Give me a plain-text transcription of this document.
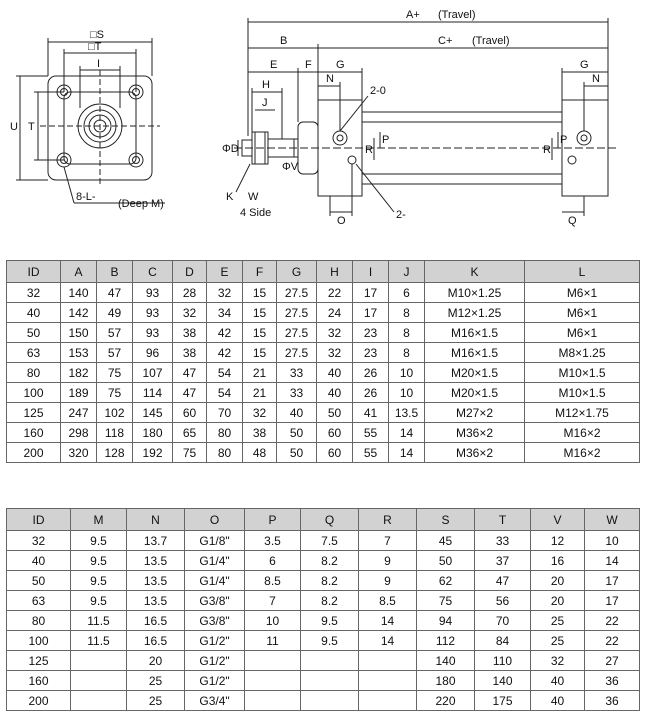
□S
□T
I
T
U
8-L-
(Deep M)
A+ (Travel)
C+ (Travel)
B
E	F G	G
H
J
N	N
2-0
ΦD
ΦV
R
P
R
P
K W
4 Side
O	2-	Q
ID	A	B	C	D	E	F	G	H	I	J	K	L
32	140	47	93	28	32	15	27.5	22	17	6	M10×1.25	M6×1
40	142	49	93	32	34	15	27.5	24	17	8	M12×1.25	M6×1
50	150	57	93	38	42	15	27.5	32	23	8	M16×1.5	M6×1
63	153	57	96	38	42	15	27.5	32	23	8	M16×1.5	M8×1.25
80	182	75	107	47	54	21	33	40	26	10	M20×1.5	M10×1.5
100	189	75	114	47	54	21	33	40	26	10	M20×1.5	M10×1.5
125	247	102	145	60	70	32	40	50	41	13.5	M27×2	M12×1.75
160	298	118	180	65	80	38	50	60	55	14	M36×2	M16×2
200	320	128	192	75	80	48	50	60	55	14	M36×2	M16×2
ID	M	N	O	P	Q	R	S	T	V	W
32	9.5	13.7	G1/8"	3.5	7.5	7	45	33	12	10
40	9.5	13.5	G1/4"	6	8.2	9	50	37	16	14
50	9.5	13.5	G1/4"	8.5	8.2	9	62	47	20	17
63	9.5	13.5	G3/8"	7	8.2	8.5	75	56	20	17
80	11.5	16.5	G3/8"	10	9.5	14	94	70	25	22
100	11.5	16.5	G1/2"	11	9.5	14	112	84	25	22
125		20	G1/2"				140	110	32	27
160		25	G1/2"				180	140	40	36
200		25	G3/4"				220	175	40	36
